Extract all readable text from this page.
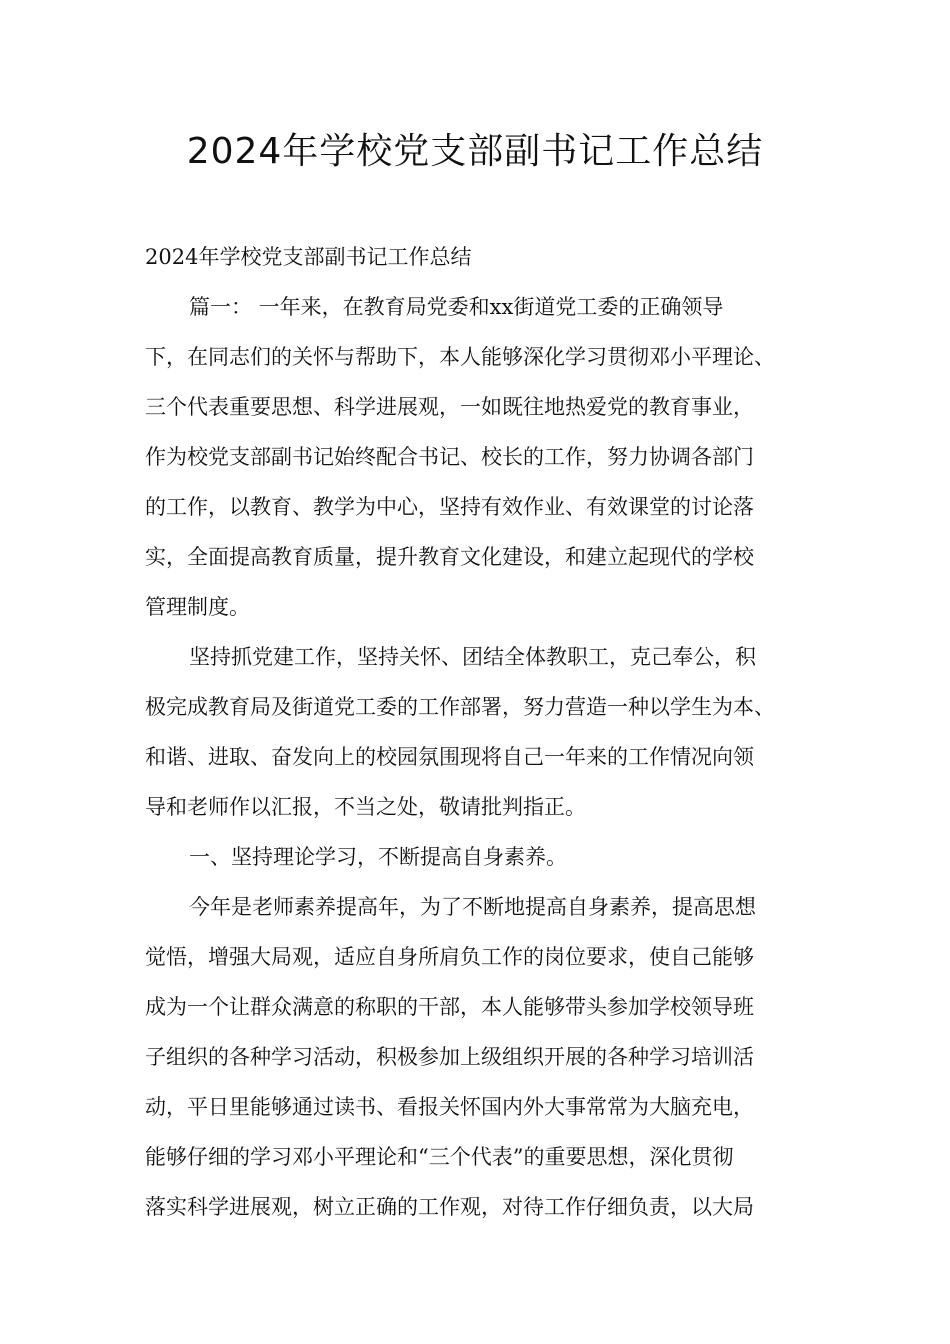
2024年学校党支部副书记工作总结
2024年学校党支部副书记工作总结
篇一： 一年来，在教育局党委和xx街道党工委的正确领导
下，在同志们的关怀与帮助下，本人能够深化学习贯彻邓小平理论、
三个代表重要思想、科学进展观，一如既往地热爱党的教育事业，
作为校党支部副书记始终配合书记、校长的工作，努力协调各部门
的工作，以教育、教学为中心，坚持有效作业、有效课堂的讨论落
实，全面提高教育质量，提升教育文化建设，和建立起现代的学校
管理制度。
坚持抓党建工作，坚持关怀、团结全体教职工，克己奉公，积
极完成教育局及街道党工委的工作部署，努力营造一种以学生为本、
和谐、进取、奋发向上的校园氛围现将自己一年来的工作情况向领
导和老师作以汇报，不当之处，敬请批判指正。
一、坚持理论学习，不断提高自身素养。
今年是老师素养提高年，为了不断地提高自身素养，提高思想
觉悟，增强大局观，适应自身所肩负工作的岗位要求，使自己能够
成为一个让群众满意的称职的干部，本人能够带头参加学校领导班
子组织的各种学习活动，积极参加上级组织开展的各种学习培训活
动，平日里能够通过读书、看报关怀国内外大事常常为大脑充电，
能够仔细的学习邓小平理论和“三个代表”的重要思想，深化贯彻
落实科学进展观，树立正确的工作观，对待工作仔细负责，以大局
